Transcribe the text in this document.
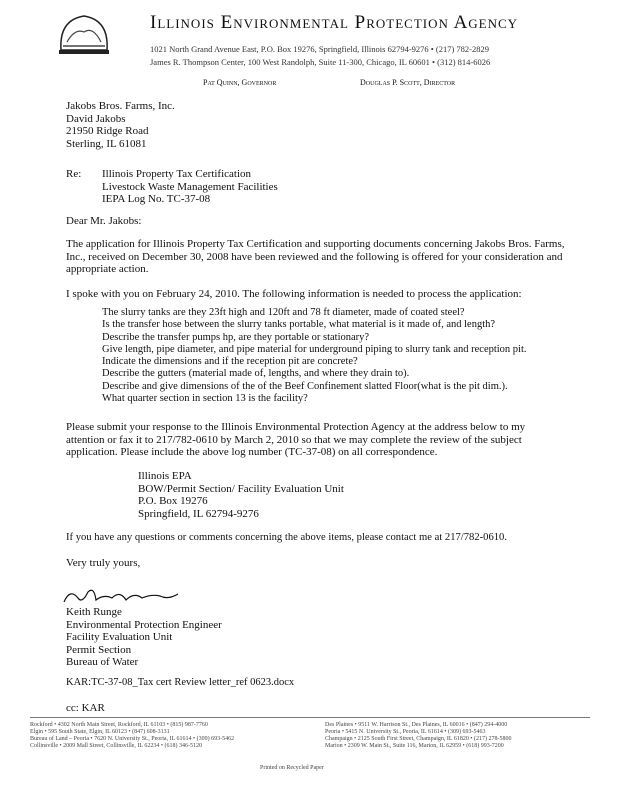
Illinois Environmental Protection Agency
1021 North Grand Avenue East, P.O. Box 19276, Springfield, Illinois 62794-9276 • (217) 782-2829
James R. Thompson Center, 100 West Randolph, Suite 11-300, Chicago, IL 60601 • (312) 814-6026
Pat Quinn, Governor	Douglas P. Scott, Director
Jakobs Bros. Farms, Inc.
David Jakobs
21950 Ridge Road
Sterling, IL 61081
Re: Illinois Property Tax Certification
Livestock Waste Management Facilities
IEPA Log No. TC-37-08
Dear Mr. Jakobs:
The application for Illinois Property Tax Certification and supporting documents concerning Jakobs Bros. Farms, Inc., received on December 30, 2008 have been reviewed and the following is offered for your consideration and appropriate action.
I spoke with you on February 24, 2010. The following information is needed to process the application:
The slurry tanks are they 23ft high and 120ft and 78 ft diameter, made of coated steel?
Is the transfer hose between the slurry tanks portable, what material is it made of, and length?
Describe the transfer pumps hp, are they portable or stationary?
Give length, pipe diameter, and pipe material for underground piping to slurry tank and reception pit.
Indicate the dimensions and if the reception pit are concrete?
Describe the gutters (material made of, lengths, and where they drain to).
Describe and give dimensions of the of the Beef Confinement slatted Floor(what is the pit dim.).
What quarter section in section 13 is the facility?
Please submit your response to the Illinois Environmental Protection Agency at the address below to my attention or fax it to 217/782-0610 by March 2, 2010 so that we may complete the review of the subject application. Please include the above log number (TC-37-08) on all correspondence.
Illinois EPA
BOW/Permit Section/ Facility Evaluation Unit
P.O. Box 19276
Springfield, IL 62794-9276
If you have any questions or comments concerning the above items, please contact me at 217/782-0610.
Very truly yours,
Keith Runge
Environmental Protection Engineer
Facility Evaluation Unit
Permit Section
Bureau of Water
KAR:TC-37-08_Tax cert Review letter_ref 0623.docx
cc: KAR
Rockford • 4302 North Main Street, Rockford, IL 61103 • (815) 987-7760
Elgin • 595 South State, Elgin, IL 60123 • (847) 608-3131
Bureau of Land – Peoria • 7620 N. University St., Peoria, IL 61614 • (309) 693-5462
Collinsville • 2009 Mall Street, Collinsville, IL 62234 • (618) 346-5120
Des Plaines • 9511 W. Harrison St., Des Plaines, IL 60016 • (847) 294-4000
Peoria • 5415 N. University St., Peoria, IL 61614 • (309) 693-5463
Champaign • 2125 South First Street, Champaign, IL 61820 • (217) 278-5800
Marion • 2309 W. Main St., Suite 116, Marion, IL 62959 • (618) 993-7200
Printed on Recycled Paper
